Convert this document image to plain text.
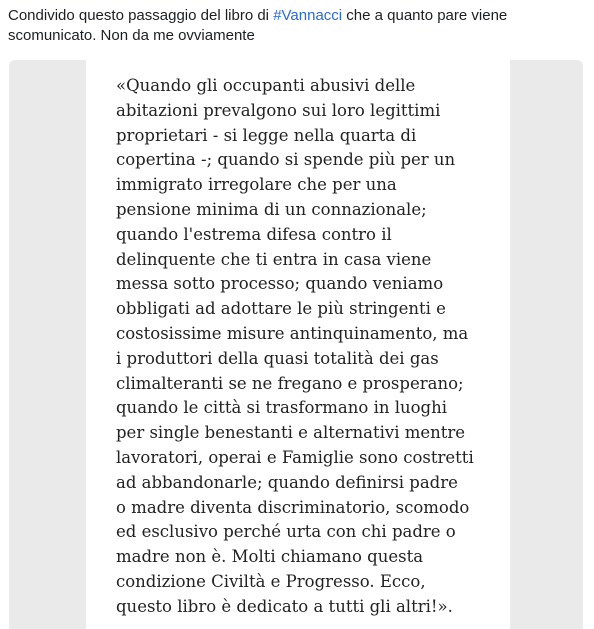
Condivido questo passaggio del libro di #Vannacci che a quanto pare viene scomunicato. Non da me ovviamente

«Quando gli occupanti abusivi delle
abitazioni prevalgono sui loro legittimi
proprietari - si legge nella quarta di
copertina -; quando si spende più per un
immigrato irregolare che per una
pensione minima di un connazionale;
quando l'estrema difesa contro il
delinquente che ti entra in casa viene
messa sotto processo; quando veniamo
obbligati ad adottare le più stringenti e
costosissime misure antinquinamento, ma
i produttori della quasi totalità dei gas
climalteranti se ne fregano e prosperano;
quando le città si trasformano in luoghi
per single benestanti e alternativi mentre
lavoratori, operai e Famiglie sono costretti
ad abbandonarle; quando definirsi padre
o madre diventa discriminatorio, scomodo
ed esclusivo perché urta con chi padre o
madre non è. Molti chiamano questa
condizione Civiltà e Progresso. Ecco,
questo libro è dedicato a tutti gli altri!».
